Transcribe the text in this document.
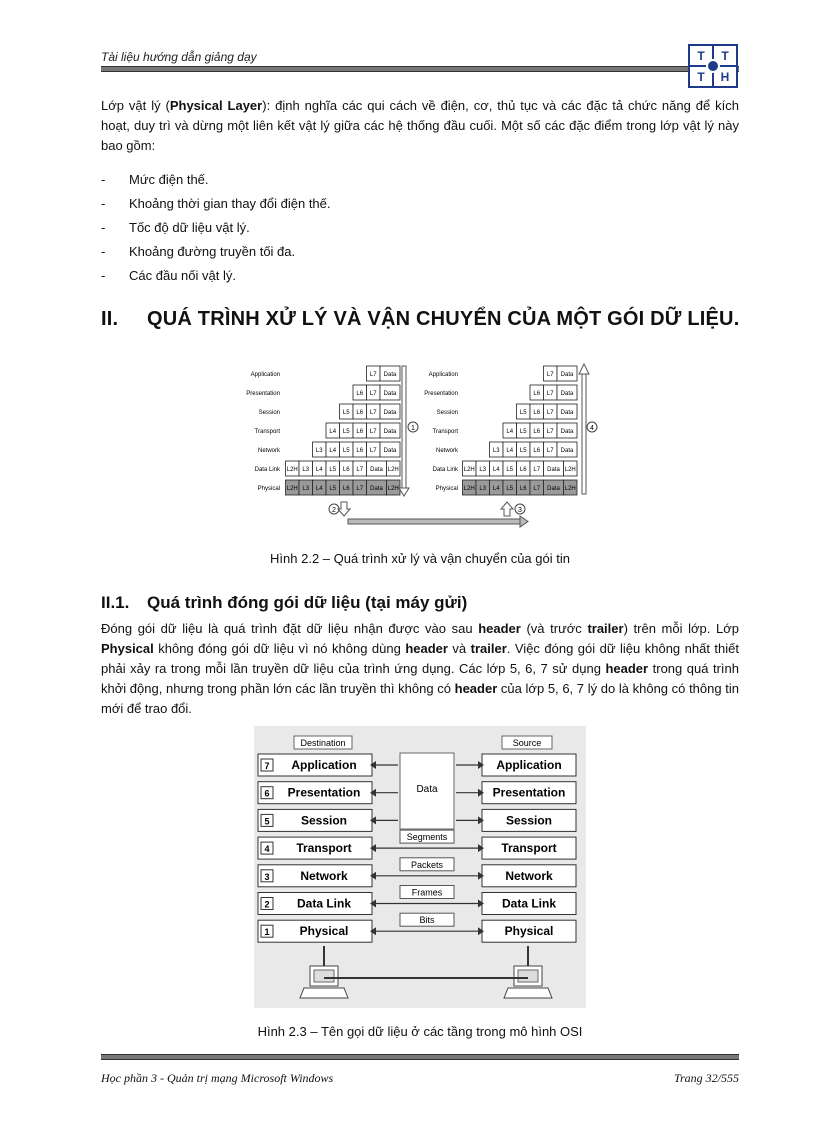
Tài liệu hướng dẫn giảng dạy	T	T
T	H

Lớp vật lý (Physical Layer): định nghĩa các qui cách về điện, cơ, thủ tục và các đặc tả chức năng để kích hoạt, duy trì và dừng một liên kết vật lý giữa các hệ thống đầu cuối. Một số các đặc điểm trong lớp vật lý này bao gồm:

- Mức điện thế.
- Khoảng thời gian thay đổi điện thế.
- Tốc độ dữ liệu vật lý.
- Khoảng đường truyền tối đa.
- Các đầu nối vật lý.
II. QUÁ TRÌNH XỬ LÝ VÀ VẬN CHUYỂN CỦA MỘT GÓI DỮ LIỆU.
Application	L7 Data
Presentation	L6 L7 Data
Session	L5 L6 L7 Data
Transport	L4 L5 L6 L7 Data
Network	L3 L4 L5 L6 L7 Data
Data Link L2H L3 L4 L5 L6 L7 Data L2H
Physical L2H L3 L4 L5 L6 L7 Data L2H
Application	L7 Data
Presentation	L6 L7 Data
Session	L5 L6 L7 Data
Transport	L4 L5 L6 L7 Data
Network	L3 L4 L5 L6 L7 Data
Data Link L2H L3 L4 L5 L6 L7 Data L2H
Physical L2H L3 L4 L5 L6 L7 Data L2H
1	4
2	3
Hình 2.2 – Quá trình xử lý và vận chuyển của gói tin
II.1. Quá trình đóng gói dữ liệu (tại máy gửi)

Đóng gói dữ liệu là quá trình đặt dữ liệu nhận được vào sau header (và trước trailer) trên mỗi lớp. Lớp Physical không đóng gói dữ liệu vì nó không dùng header và trailer. Việc đóng gói dữ liệu không nhất thiết phải xảy ra trong mỗi lần truyền dữ liệu của trình ứng dụng. Các lớp 5, 6, 7 sử dụng header trong quá trình khởi động, nhưng trong phần lớn các lần truyền thì không có header của lớp 5, 6, 7 lý do là không có thông tin mới để trao đổi.

Destination	Source
7 Application	Application
6 Presentation	Presentation
5	Session	Session
4 Transport	Transport
3	Network	Network
2 Data Link	Data Link
1	Physical	Physical
Data
Segments
Packets
Frames
Bits
Hình 2.3 – Tên gọi dữ liệu ở các tầng trong mô hình OSI
Học phần 3 - Quản trị mạng Microsoft Windows	Trang 32/555
